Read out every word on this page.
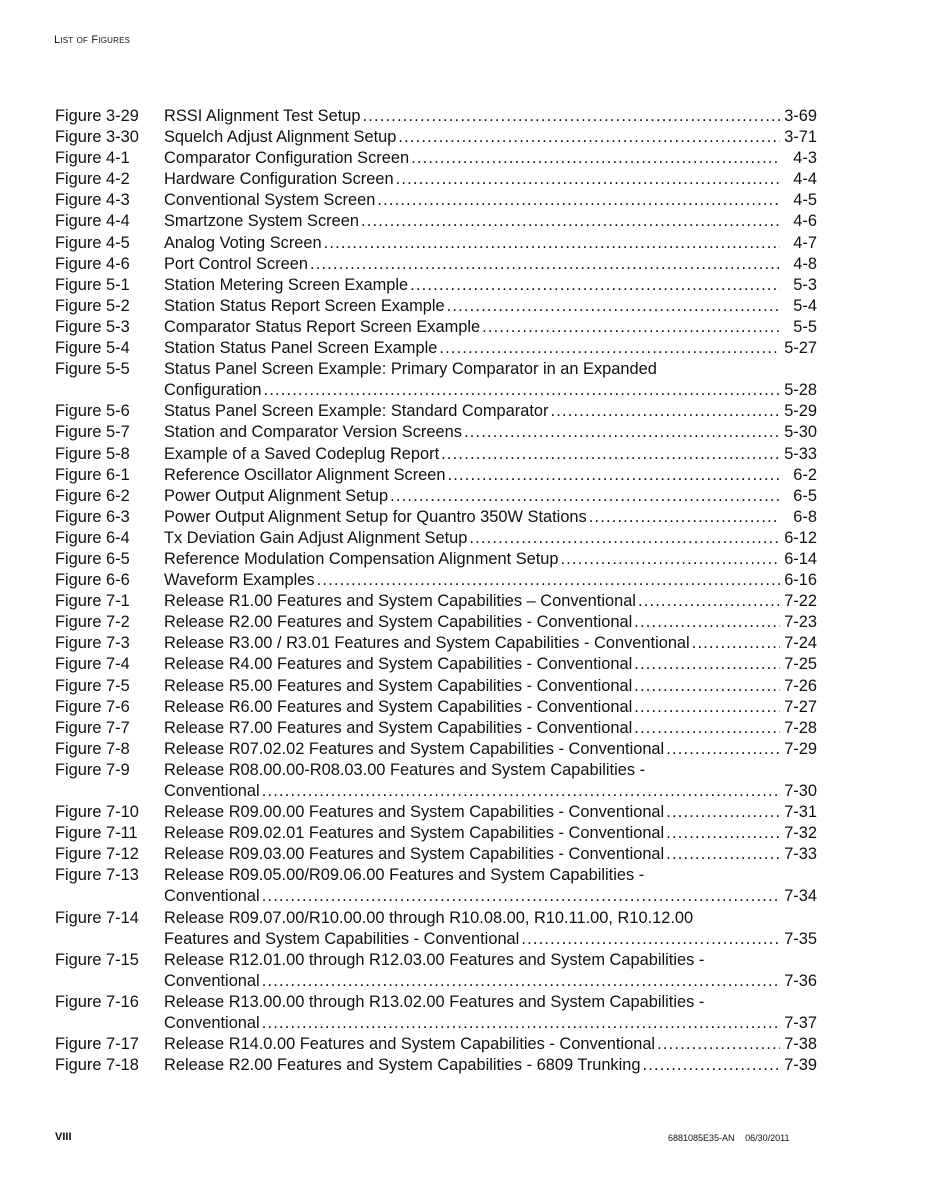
List of Figures
Figure 3-29	RSSI Alignment Test Setup .....	3-69
Figure 3-30	Squelch Adjust Alignment Setup .....	3-71
Figure 4-1	Comparator Configuration Screen .....	4-3
Figure 4-2	Hardware Configuration Screen .....	4-4
Figure 4-3	Conventional System Screen .....	4-5
Figure 4-4	Smartzone System Screen .....	4-6
Figure 4-5	Analog Voting Screen .....	4-7
Figure 4-6	Port Control Screen .....	4-8
Figure 5-1	Station Metering Screen Example .....	5-3
Figure 5-2	Station Status Report Screen Example .....	5-4
Figure 5-3	Comparator Status Report Screen Example .....	5-5
Figure 5-4	Station Status Panel Screen Example .....	5-27
Figure 5-5	Status Panel Screen Example: Primary Comparator in an Expanded
Configuration .....	5-28
Figure 5-6	Status Panel Screen Example: Standard Comparator .....	5-29
Figure 5-7	Station and Comparator Version Screens .....	5-30
Figure 5-8	Example of a Saved Codeplug Report .....	5-33
Figure 6-1	Reference Oscillator Alignment Screen .....	6-2
Figure 6-2	Power Output Alignment Setup .....	6-5
Figure 6-3	Power Output Alignment Setup for Quantro 350W Stations .....	6-8
Figure 6-4	Tx Deviation Gain Adjust Alignment Setup .....	6-12
Figure 6-5	Reference Modulation Compensation Alignment Setup .....	6-14
Figure 6-6	Waveform Examples .....	6-16
Figure 7-1	Release R1.00 Features and System Capabilities – Conventional .....	7-22
Figure 7-2	Release R2.00 Features and System Capabilities - Conventional .....	7-23
Figure 7-3	Release R3.00 / R3.01 Features and System Capabilities - Conventional .....	7-24
Figure 7-4	Release R4.00 Features and System Capabilities - Conventional .....	7-25
Figure 7-5	Release R5.00 Features and System Capabilities - Conventional .....	7-26
Figure 7-6	Release R6.00 Features and System Capabilities - Conventional .....	7-27
Figure 7-7	Release R7.00 Features and System Capabilities - Conventional .....	7-28
Figure 7-8	Release R07.02.02 Features and System Capabilities - Conventional .....	7-29
Figure 7-9	Release R08.00.00-R08.03.00 Features and System Capabilities -
Conventional .....	7-30
Figure 7-10	Release R09.00.00 Features and System Capabilities - Conventional .....	7-31
Figure 7-11	Release R09.02.01 Features and System Capabilities - Conventional .....	7-32
Figure 7-12	Release R09.03.00 Features and System Capabilities - Conventional .....	7-33
Figure 7-13	Release R09.05.00/R09.06.00 Features and System Capabilities -
Conventional .....	7-34
Figure 7-14	Release R09.07.00/R10.00.00 through R10.08.00, R10.11.00, R10.12.00
Features and System Capabilities - Conventional .....	7-35
Figure 7-15	Release R12.01.00 through R12.03.00 Features and System Capabilities -
Conventional .....	7-36
Figure 7-16	Release R13.00.00 through R13.02.00 Features and System Capabilities -
Conventional .....	7-37
Figure 7-17	Release R14.0.00 Features and System Capabilities - Conventional .....	7-38
Figure 7-18	Release R2.00 Features and System Capabilities - 6809 Trunking .....	7-39
VIII	6881085E35-AN 06/30/2011
